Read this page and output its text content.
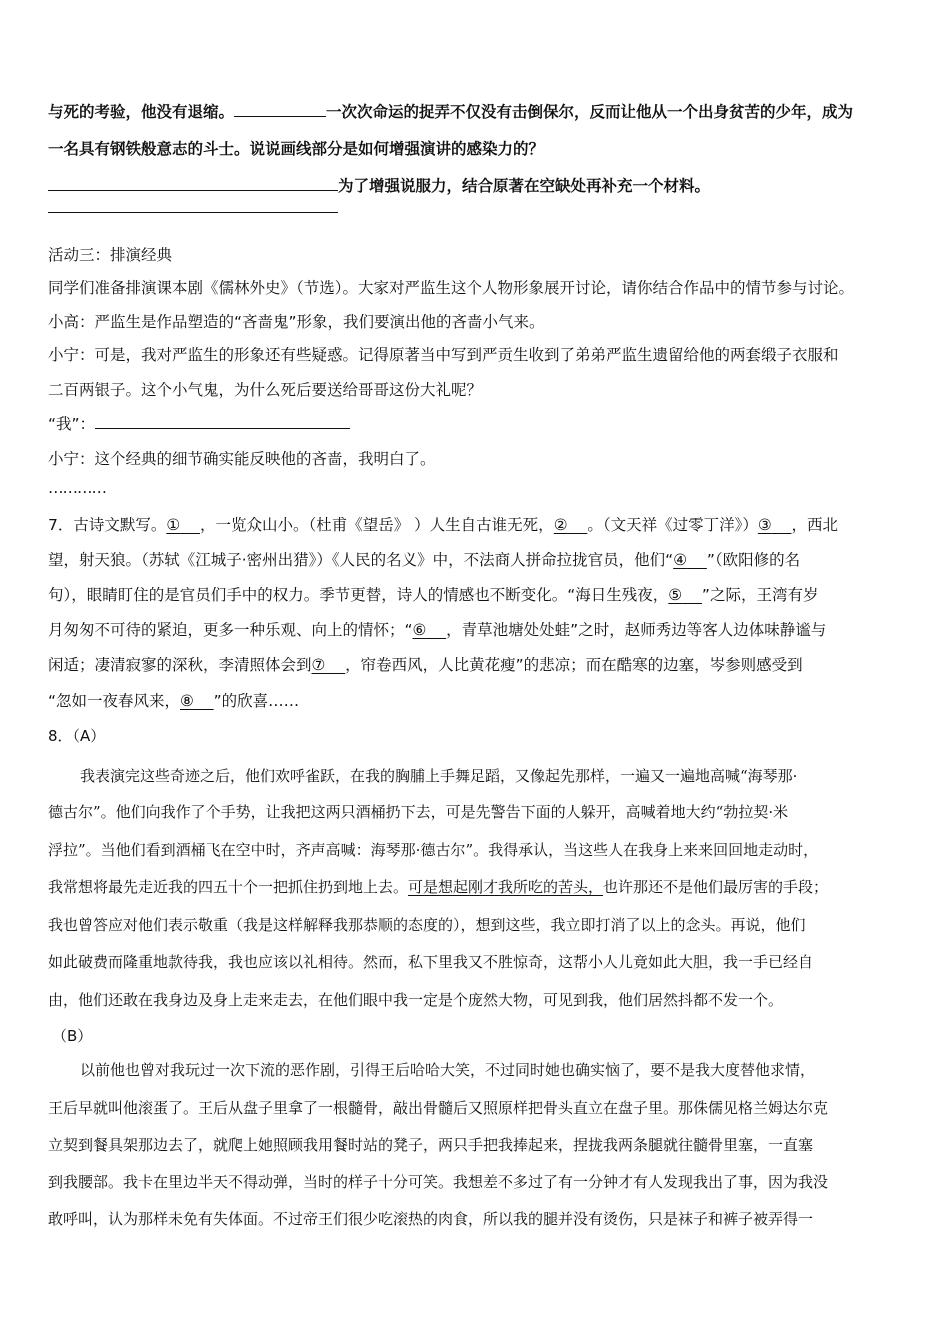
与死的考验，他没有退缩。	一次次命运的捉弄不仅没有击倒保尔，反而让他从一个出身贫苦的少年，成为
一名具有钢铁般意志的斗士。说说画线部分是如何增强演讲的感染力的？
为了增强说服力，结合原著在空缺处再补充一个材料。
活动三：排演经典
同学们准备排演课本剧《儒林外史》（节选）。大家对严监生这个人物形象展开讨论，请你结合作品中的情节参与讨论。
小高：严监生是作品塑造的“吝啬鬼”形象，我们要演出他的吝啬小气来。
小宁：可是，我对严监生的形象还有些疑惑。记得原著当中写到严贡生收到了弟弟严监生遗留给他的两套缎子衣服和
二百两银子。这个小气鬼，为什么死后要送给哥哥这份大礼呢？
“我”：
小宁：这个经典的细节确实能反映他的吝啬，我明白了。
…………
7．古诗文默写。① ，一览众山小。（杜甫《望岳》 ）人生自古谁无死，② 。（文天祥《过零丁洋》）③ ，西北
望，射天狼。（苏轼《江城子·密州出猎》）《人民的名义》中，不法商人拼命拉拢官员，他们“④ ”（欧阳修的名
句），眼睛盯住的是官员们手中的权力。季节更替，诗人的情感也不断变化。“海日生残夜，⑤ ”之际，王湾有岁
月匆匆不可待的紧迫，更多一种乐观、向上的情怀；“⑥ ，青草池塘处处蛙”之时，赵师秀边等客人边体味静谧与
闲适；凄清寂寥的深秋，李清照体会到⑦ ，帘卷西风，人比黄花瘦”的悲凉；而在酷寒的边塞，岑参则感受到
“忽如一夜春风来，⑧ ”的欣喜……
8．（A）
我表演完这些奇迹之后，他们欢呼雀跃，在我的胸脯上手舞足蹈，又像起先那样，一遍又一遍地高喊“海琴那·
德古尔”。他们向我作了个手势，让我把这两只酒桶扔下去，可是先警告下面的人躲开，高喊着地大约“勃拉契·米
浮拉”。当他们看到酒桶飞在空中时，齐声高喊：海琴那·德古尔”。我得承认，当这些人在我身上来来回回地走动时，
我常想将最先走近我的四五十个一把抓住扔到地上去。可是想起刚才我所吃的苦头，也许那还不是他们最厉害的手段；
我也曾答应对他们表示敬重（我是这样解释我那恭顺的态度的），想到这些，我立即打消了以上的念头。再说，他们
如此破费而隆重地款待我，我也应该以礼相待。然而，私下里我又不胜惊奇，这帮小人儿竟如此大胆，我一手已经自
由，他们还敢在我身边及身上走来走去，在他们眼中我一定是个庞然大物，可见到我，他们居然抖都不发一个。
（B）
以前他也曾对我玩过一次下流的恶作剧，引得王后哈哈大笑，不过同时她也确实恼了，要不是我大度替他求情，
王后早就叫他滚蛋了。王后从盘子里拿了一根髓骨，敲出骨髓后又照原样把骨头直立在盘子里。那侏儒见格兰姆达尔克
立契到餐具架那边去了，就爬上她照顾我用餐时站的凳子，两只手把我捧起来，捏拢我两条腿就往髓骨里塞，一直塞
到我腰部。我卡在里边半天不得动弹，当时的样子十分可笑。我想差不多过了有一分钟才有人发现我出了事，因为我没
敢呼叫，认为那样未免有失体面。不过帝王们很少吃滚热的肉食，所以我的腿并没有烫伤，只是袜子和裤子被弄得一
